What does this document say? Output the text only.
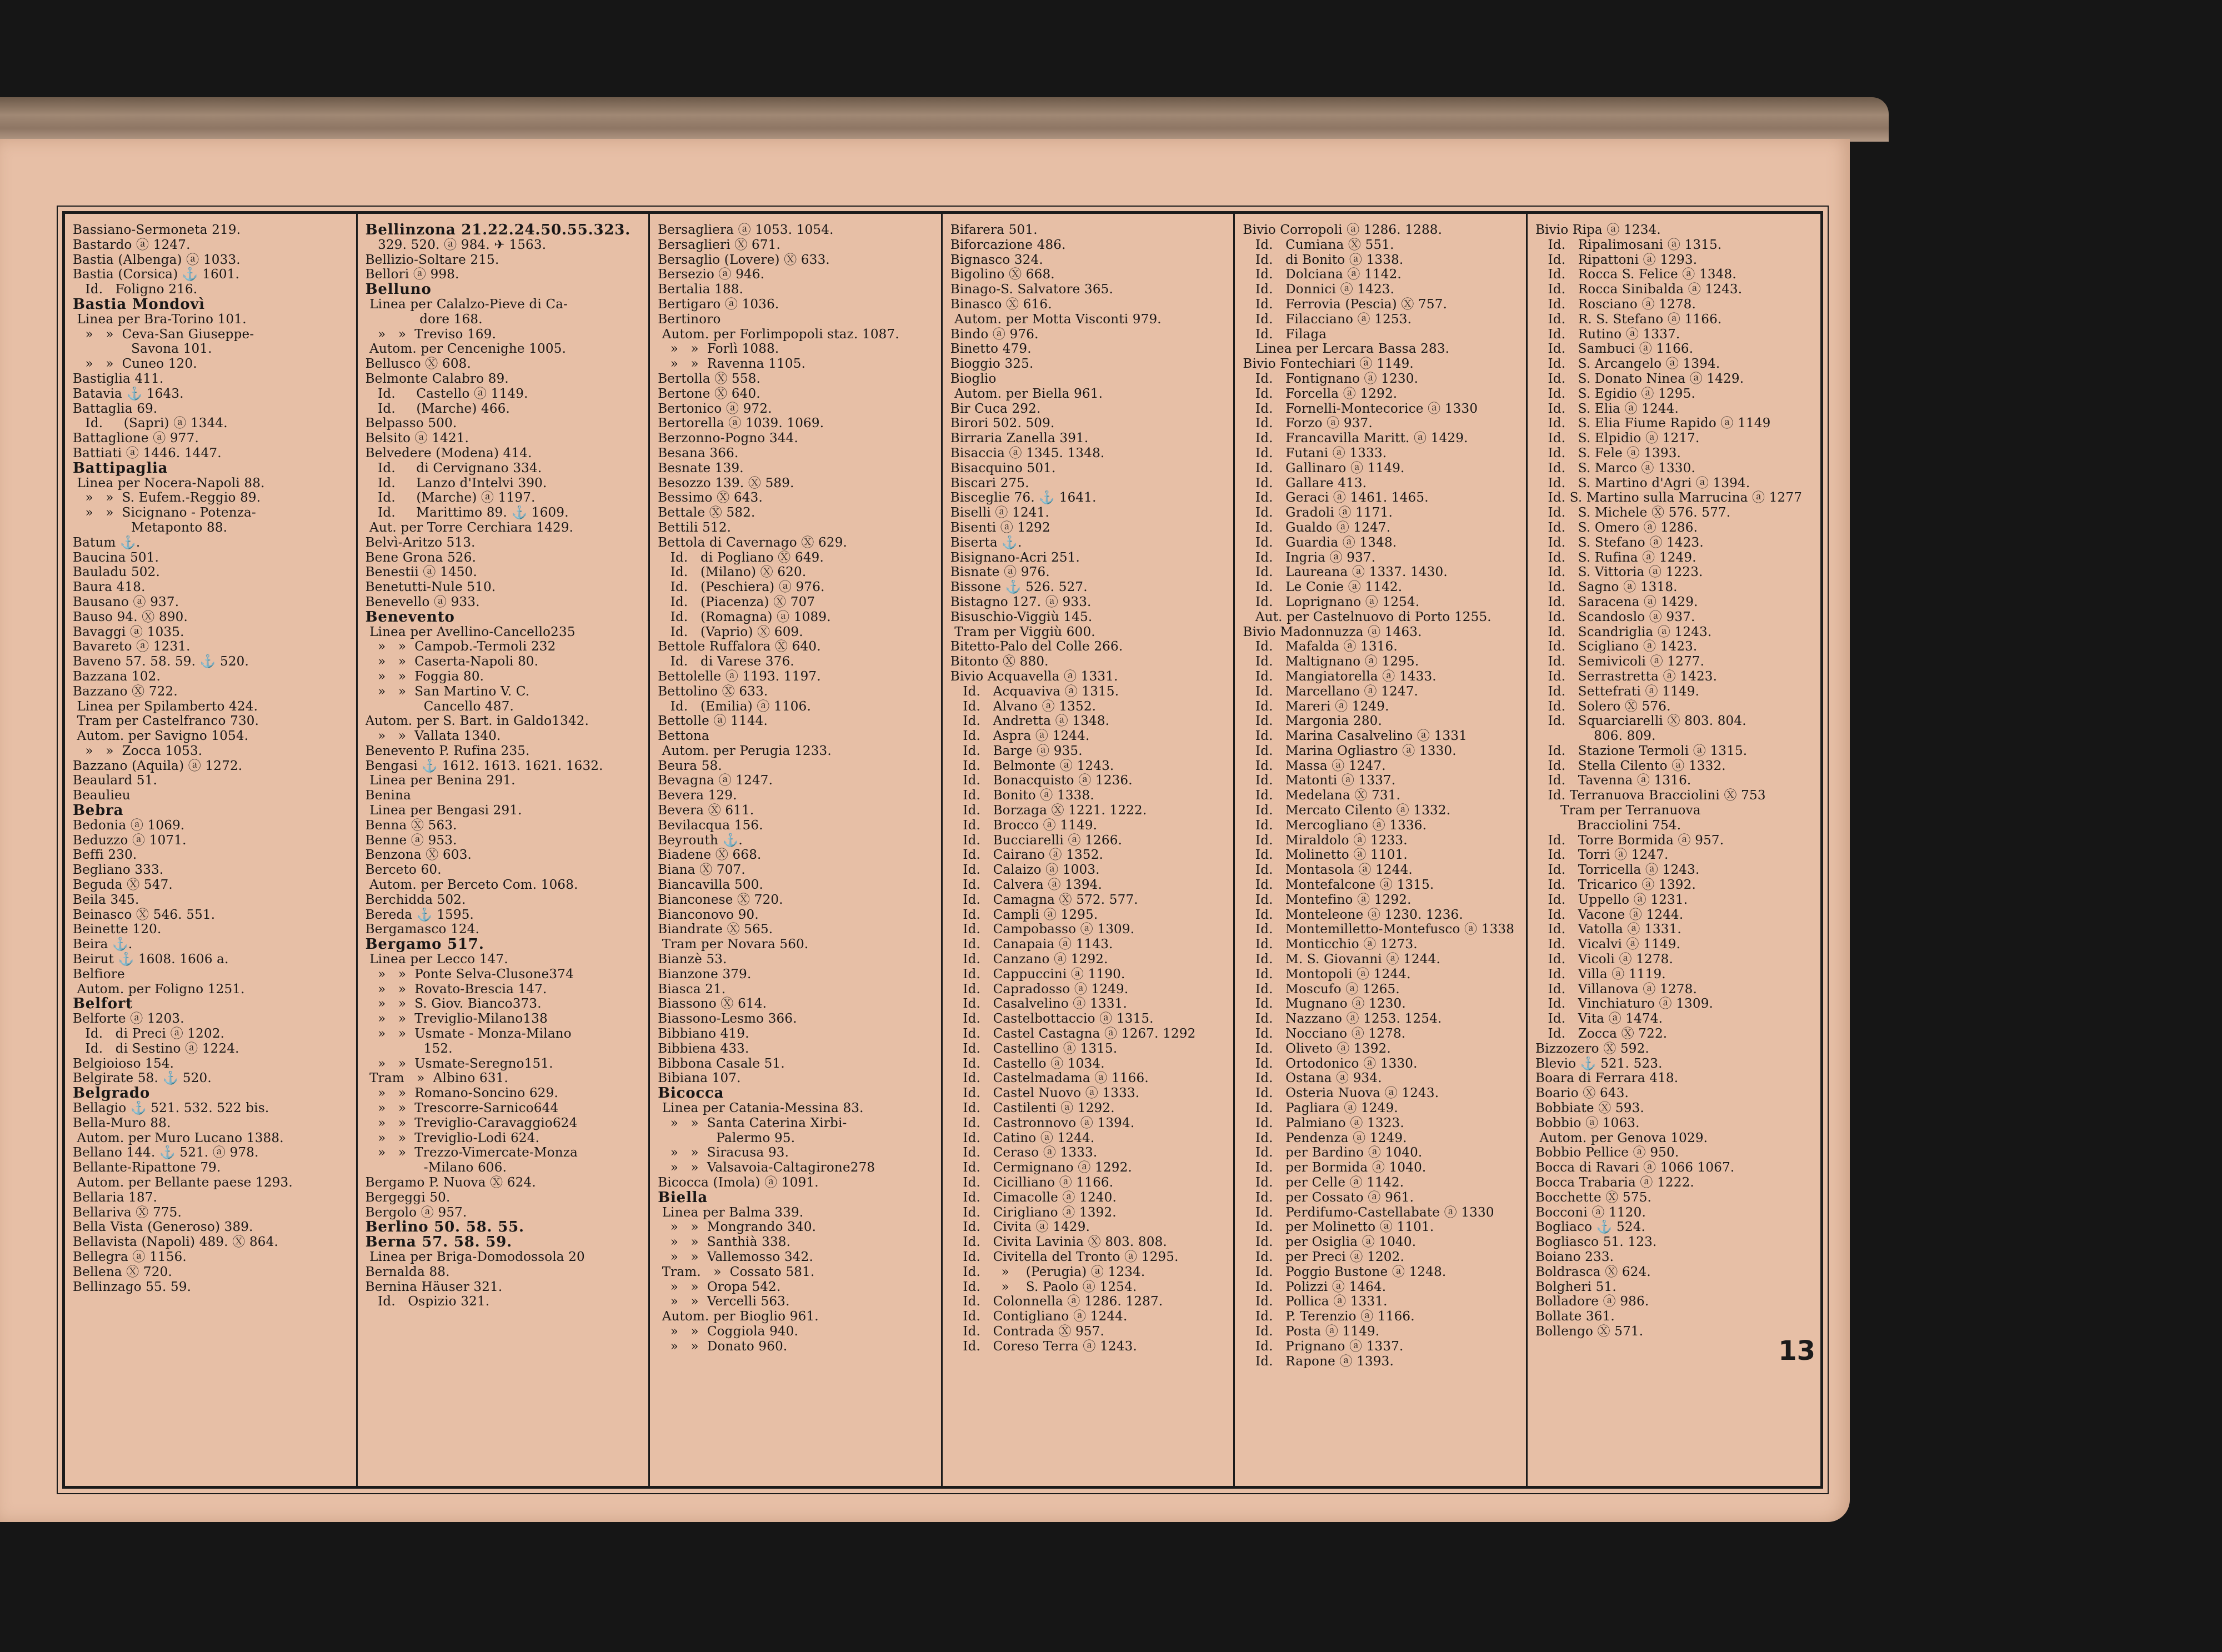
Bassiano-Sermoneta 219.
Bastardo ⓐ 1247.
Bastia (Albenga) ⓐ 1033.
Bastia (Corsica) ⚓ 1601.
Id.   Foligno 216.
Bastia Mondovì
Linea per Bra-Torino 101.
»   »  Ceva-San Giuseppe-
Savona 101.
»   »  Cuneo 120.
Bastiglia 411.
Batavia ⚓ 1643.
Battaglia 69.
Id.     (Sapri) ⓐ 1344.
Battaglione ⓐ 977.
Battiati ⓐ 1446. 1447.
Battipaglia
Linea per Nocera-Napoli 88.
»   »  S. Eufem.-Reggio 89.
»   »  Sicignano - Potenza-
Metaponto 88.
Batum ⚓.
Baucina 501.
Bauladu 502.
Baura 418.
Bausano ⓐ 937.
Bauso 94. Ⓧ 890.
Bavaggi ⓐ 1035.
Bavareto ⓐ 1231.
Baveno 57. 58. 59. ⚓ 520.
Bazzana 102.
Bazzano Ⓧ 722.
Linea per Spilamberto 424.
Tram per Castelfranco 730.
Autom. per Savigno 1054.
»   »  Zocca 1053.
Bazzano (Aquila) ⓐ 1272.
Beaulard 51.
Beaulieu
Bebra
Bedonia ⓐ 1069.
Beduzzo ⓐ 1071.
Beffi 230.
Begliano 333.
Beguda Ⓧ 547.
Beila 345.
Beinasco Ⓧ 546. 551.
Beinette 120.
Beira ⚓.
Beirut ⚓ 1608. 1606 a.
Belfiore
Autom. per Foligno 1251.
Belfort
Belforte ⓐ 1203.
Id.   di Preci ⓐ 1202.
Id.   di Sestino ⓐ 1224.
Belgioioso 154.
Belgirate 58. ⚓ 520.
Belgrado
Bellagio ⚓ 521. 532. 522 bis.
Bella-Muro 88.
Autom. per Muro Lucano 1388.
Bellano 144. ⚓ 521. ⓐ 978.
Bellante-Ripattone 79.
Autom. per Bellante paese 1293.
Bellaria 187.
Bellariva Ⓧ 775.
Bella Vista (Generoso) 389.
Bellavista (Napoli) 489. Ⓧ 864.
Bellegra ⓐ 1156.
Bellena Ⓧ 720.
Bellinzago 55. 59.
Bellinzona 21.22.24.50.55.323.
329. 520. ⓐ 984. ✈ 1563.
Bellizio-Soltare 215.
Bellori ⓐ 998.
Belluno
Linea per Calalzo-Pieve di Ca-
dore 168.
»   »  Treviso 169.
Autom. per Cencenighe 1005.
Bellusco Ⓧ 608.
Belmonte Calabro 89.
Id.     Castello ⓐ 1149.
Id.     (Marche) 466.
Belpasso 500.
Belsito ⓐ 1421.
Belvedere (Modena) 414.
Id.     di Cervignano 334.
Id.     Lanzo d'Intelvi 390.
Id.     (Marche) ⓐ 1197.
Id.     Marittimo 89. ⚓ 1609.
Aut. per Torre Cerchiara 1429.
Belvì-Aritzo 513.
Bene Grona 526.
Benestii ⓐ 1450.
Benetutti-Nule 510.
Benevello ⓐ 933.
Benevento
Linea per Avellino-Cancello235
»   »  Campob.-Termoli 232
»   »  Caserta-Napoli 80.
»   »  Foggia 80.
»   »  San Martino V. C.
Cancello 487.
Autom. per S. Bart. in Galdo1342.
»   »  Vallata 1340.
Benevento P. Rufina 235.
Bengasi ⚓ 1612. 1613. 1621. 1632.
Linea per Benina 291.
Benina
Linea per Bengasi 291.
Benna Ⓧ 563.
Benne ⓐ 953.
Benzona Ⓧ 603.
Berceto 60.
Autom. per Berceto Com. 1068.
Berchidda 502.
Bereda ⚓ 1595.
Bergamasco 124.
Bergamo 517.
Linea per Lecco 147.
»   »  Ponte Selva-Clusone374
»   »  Rovato-Brescia 147.
»   »  S. Giov. Bianco373.
»   »  Treviglio-Milano138
»   »  Usmate - Monza-Milano
152.
»   »  Usmate-Seregno151.
Tram   »  Albino 631.
»   »  Romano-Soncino 629.
»   »  Trescorre-Sarnico644
»   »  Treviglio-Caravaggio624
»   »  Treviglio-Lodi 624.
»   »  Trezzo-Vimercate-Monza
-Milano 606.
Bergamo P. Nuova Ⓧ 624.
Bergeggi 50.
Bergolo ⓐ 957.
Berlino 50. 58. 55.
Berna 57. 58. 59.
Linea per Briga-Domodossola 20
Bernalda 88.
Bernina Häuser 321.
Id.   Ospizio 321.
Bersagliera ⓐ 1053. 1054.
Bersaglieri Ⓧ 671.
Bersaglio (Lovere) Ⓧ 633.
Bersezio ⓐ 946.
Bertalia 188.
Bertigaro ⓐ 1036.
Bertinoro
Autom. per Forlimpopoli staz. 1087.
»   »  Forlì 1088.
»   »  Ravenna 1105.
Bertolla Ⓧ 558.
Bertone Ⓧ 640.
Bertonico ⓐ 972.
Bertorella ⓐ 1039. 1069.
Berzonno-Pogno 344.
Besana 366.
Besnate 139.
Besozzo 139. Ⓧ 589.
Bessimo Ⓧ 643.
Bettale Ⓧ 582.
Bettili 512.
Bettola di Cavernago Ⓧ 629.
Id.   di Pogliano Ⓧ 649.
Id.   (Milano) Ⓧ 620.
Id.   (Peschiera) ⓐ 976.
Id.   (Piacenza) Ⓧ 707
Id.   (Romagna) ⓐ 1089.
Id.   (Vaprio) Ⓧ 609.
Bettole Ruffalora Ⓧ 640.
Id.   di Varese 376.
Bettolelle ⓐ 1193. 1197.
Bettolino Ⓧ 633.
Id.   (Emilia) ⓐ 1106.
Bettolle ⓐ 1144.
Bettona
Autom. per Perugia 1233.
Beura 58.
Bevagna ⓐ 1247.
Bevera 129.
Bevera Ⓧ 611.
Bevilacqua 156.
Beyrouth ⚓.
Biadene Ⓧ 668.
Biana Ⓧ 707.
Biancavilla 500.
Bianconese Ⓧ 720.
Bianconovo 90.
Biandrate Ⓧ 565.
Tram per Novara 560.
Bianzè 53.
Bianzone 379.
Biasca 21.
Biassono Ⓧ 614.
Biassono-Lesmo 366.
Bibbiano 419.
Bibbiena 433.
Bibbona Casale 51.
Bibiana 107.
Bicocca
Linea per Catania-Messina 83.
»   »  Santa Caterina Xirbi-
Palermo 95.
»   »  Siracusa 93.
»   »  Valsavoia-Caltagirone278
Bicocca (Imola) ⓐ 1091.
Biella
Linea per Balma 339.
»   »  Mongrando 340.
»   »  Santhià 338.
»   »  Vallemosso 342.
Tram.   »  Cossato 581.
»   »  Oropa 542.
»   »  Vercelli 563.
Autom. per Bioglio 961.
»   »  Coggiola 940.
»   »  Donato 960.
Bifarera 501.
Biforcazione 486.
Bignasco 324.
Bigolino Ⓧ 668.
Binago-S. Salvatore 365.
Binasco Ⓧ 616.
Autom. per Motta Visconti 979.
Bindo ⓐ 976.
Binetto 479.
Bioggio 325.
Bioglio
Autom. per Biella 961.
Bir Cuca 292.
Birori 502. 509.
Birraria Zanella 391.
Bisaccia ⓐ 1345. 1348.
Bisacquino 501.
Biscari 275.
Bisceglie 76. ⚓ 1641.
Biselli ⓐ 1241.
Bisenti ⓐ 1292
Biserta ⚓.
Bisignano-Acri 251.
Bisnate ⓐ 976.
Bissone ⚓ 526. 527.
Bistagno 127. ⓐ 933.
Bisuschio-Viggiù 145.
Tram per Viggiù 600.
Bitetto-Palo del Colle 266.
Bitonto Ⓧ 880.
Bivio Acquavella ⓐ 1331.
Id.   Acquaviva ⓐ 1315.
Id.   Alvano ⓐ 1352.
Id.   Andretta ⓐ 1348.
Id.   Aspra ⓐ 1244.
Id.   Barge ⓐ 935.
Id.   Belmonte ⓐ 1243.
Id.   Bonacquisto ⓐ 1236.
Id.   Bonito ⓐ 1338.
Id.   Borzaga Ⓧ 1221. 1222.
Id.   Brocco ⓐ 1149.
Id.   Bucciarelli ⓐ 1266.
Id.   Cairano ⓐ 1352.
Id.   Calaizo ⓐ 1003.
Id.   Calvera ⓐ 1394.
Id.   Camagna Ⓧ 572. 577.
Id.   Campli ⓐ 1295.
Id.   Campobasso ⓐ 1309.
Id.   Canapaia ⓐ 1143.
Id.   Canzano ⓐ 1292.
Id.   Cappuccini ⓐ 1190.
Id.   Capradosso ⓐ 1249.
Id.   Casalvelino ⓐ 1331.
Id.   Castelbottaccio ⓐ 1315.
Id.   Castel Castagna ⓐ 1267. 1292
Id.   Castellino ⓐ 1315.
Id.   Castello ⓐ 1034.
Id.   Castelmadama ⓐ 1166.
Id.   Castel Nuovo ⓐ 1333.
Id.   Castilenti ⓐ 1292.
Id.   Castronnovo ⓐ 1394.
Id.   Catino ⓐ 1244.
Id.   Ceraso ⓐ 1333.
Id.   Cermignano ⓐ 1292.
Id.   Cicilliano ⓐ 1166.
Id.   Cimacolle ⓐ 1240.
Id.   Cirigliano ⓐ 1392.
Id.   Civita ⓐ 1429.
Id.   Civita Lavinia Ⓧ 803. 808.
Id.   Civitella del Tronto ⓐ 1295.
Id.     »    (Perugia) ⓐ 1234.
Id.     »    S. Paolo ⓐ 1254.
Id.   Colonnella ⓐ 1286. 1287.
Id.   Contigliano ⓐ 1244.
Id.   Contrada Ⓧ 957.
Id.   Coreso Terra ⓐ 1243.
Bivio Corropoli ⓐ 1286. 1288.
Id.   Cumiana Ⓧ 551.
Id.   di Bonito ⓐ 1338.
Id.   Dolciana ⓐ 1142.
Id.   Donnici ⓐ 1423.
Id.   Ferrovia (Pescia) Ⓧ 757.
Id.   Filacciano ⓐ 1253.
Id.   Filaga
Linea per Lercara Bassa 283.
Bivio Fontechiari ⓐ 1149.
Id.   Fontignano ⓐ 1230.
Id.   Forcella ⓐ 1292.
Id.   Fornelli-Montecorice ⓐ 1330
Id.   Forzo ⓐ 937.
Id.   Francavilla Maritt. ⓐ 1429.
Id.   Futani ⓐ 1333.
Id.   Gallinaro ⓐ 1149.
Id.   Gallare 413.
Id.   Geraci ⓐ 1461. 1465.
Id.   Gradoli ⓐ 1171.
Id.   Gualdo ⓐ 1247.
Id.   Guardia ⓐ 1348.
Id.   Ingria ⓐ 937.
Id.   Laureana ⓐ 1337. 1430.
Id.   Le Conie ⓐ 1142.
Id.   Loprignano ⓐ 1254.
Aut. per Castelnuovo di Porto 1255.
Bivio Madonnuzza ⓐ 1463.
Id.   Mafalda ⓐ 1316.
Id.   Maltignano ⓐ 1295.
Id.   Mangiatorella ⓐ 1433.
Id.   Marcellano ⓐ 1247.
Id.   Mareri ⓐ 1249.
Id.   Margonia 280.
Id.   Marina Casalvelino ⓐ 1331
Id.   Marina Ogliastro ⓐ 1330.
Id.   Massa ⓐ 1247.
Id.   Matonti ⓐ 1337.
Id.   Medelana Ⓧ 731.
Id.   Mercato Cilento ⓐ 1332.
Id.   Mercogliano ⓐ 1336.
Id.   Miraldolo ⓐ 1233.
Id.   Molinetto ⓐ 1101.
Id.   Montasola ⓐ 1244.
Id.   Montefalcone ⓐ 1315.
Id.   Montefino ⓐ 1292.
Id.   Monteleone ⓐ 1230. 1236.
Id.   Montemilletto-Montefusco ⓐ 1338
Id.   Monticchio ⓐ 1273.
Id.   M. S. Giovanni ⓐ 1244.
Id.   Montopoli ⓐ 1244.
Id.   Moscufo ⓐ 1265.
Id.   Mugnano ⓐ 1230.
Id.   Nazzano ⓐ 1253. 1254.
Id.   Nocciano ⓐ 1278.
Id.   Oliveto ⓐ 1392.
Id.   Ortodonico ⓐ 1330.
Id.   Ostana ⓐ 934.
Id.   Osteria Nuova ⓐ 1243.
Id.   Pagliara ⓐ 1249.
Id.   Palmiano ⓐ 1323.
Id.   Pendenza ⓐ 1249.
Id.   per Bardino ⓐ 1040.
Id.   per Bormida ⓐ 1040.
Id.   per Celle ⓐ 1142.
Id.   per Cossato ⓐ 961.
Id.   Perdifumo-Castellabate ⓐ 1330
Id.   per Molinetto ⓐ 1101.
Id.   per Osiglia ⓐ 1040.
Id.   per Preci ⓐ 1202.
Id.   Poggio Bustone ⓐ 1248.
Id.   Polizzi ⓐ 1464.
Id.   Pollica ⓐ 1331.
Id.   P. Terenzio ⓐ 1166.
Id.   Posta ⓐ 1149.
Id.   Prignano ⓐ 1337.
Id.   Rapone ⓐ 1393.
Bivio Ripa ⓐ 1234.
Id.   Ripalimosani ⓐ 1315.
Id.   Ripattoni ⓐ 1293.
Id.   Rocca S. Felice ⓐ 1348.
Id.   Rocca Sinibalda ⓐ 1243.
Id.   Rosciano ⓐ 1278.
Id.   R. S. Stefano ⓐ 1166.
Id.   Rutino ⓐ 1337.
Id.   Sambuci ⓐ 1166.
Id.   S. Arcangelo ⓐ 1394.
Id.   S. Donato Ninea ⓐ 1429.
Id.   S. Egidio ⓐ 1295.
Id.   S. Elia ⓐ 1244.
Id.   S. Elia Fiume Rapido ⓐ 1149
Id.   S. Elpidio ⓐ 1217.
Id.   S. Fele ⓐ 1393.
Id.   S. Marco ⓐ 1330.
Id.   S. Martino d'Agri ⓐ 1394.
Id. S. Martino sulla Marrucina ⓐ 1277
Id.   S. Michele Ⓧ 576. 577.
Id.   S. Omero ⓐ 1286.
Id.   S. Stefano ⓐ 1423.
Id.   S. Rufina ⓐ 1249.
Id.   S. Vittoria ⓐ 1223.
Id.   Sagno ⓐ 1318.
Id.   Saracena ⓐ 1429.
Id.   Scandoslo ⓐ 937.
Id.   Scandriglia ⓐ 1243.
Id.   Scigliano ⓐ 1423.
Id.   Semivicoli ⓐ 1277.
Id.   Serrastretta ⓐ 1423.
Id.   Settefrati ⓐ 1149.
Id.   Solero Ⓧ 576.
Id.   Squarciarelli Ⓧ 803. 804.
806. 809.
Id.   Stazione Termoli ⓐ 1315.
Id.   Stella Cilento ⓐ 1332.
Id.   Tavenna ⓐ 1316.
Id. Terranuova Bracciolini Ⓧ 753
Tram per Terranuova
Bracciolini 754.
Id.   Torre Bormida ⓐ 957.
Id.   Torri ⓐ 1247.
Id.   Torricella ⓐ 1243.
Id.   Tricarico ⓐ 1392.
Id.   Uppello ⓐ 1231.
Id.   Vacone ⓐ 1244.
Id.   Vatolla ⓐ 1331.
Id.   Vicalvi ⓐ 1149.
Id.   Vicoli ⓐ 1278.
Id.   Villa ⓐ 1119.
Id.   Villanova ⓐ 1278.
Id.   Vinchiaturo ⓐ 1309.
Id.   Vita ⓐ 1474.
Id.   Zocca Ⓧ 722.
Bizzozero Ⓧ 592.
Blevio ⚓ 521. 523.
Boara di Ferrara 418.
Boario Ⓧ 643.
Bobbiate Ⓧ 593.
Bobbio ⓐ 1063.
Autom. per Genova 1029.
Bobbio Pellice ⓐ 950.
Bocca di Ravari ⓐ 1066 1067.
Bocca Trabaria ⓐ 1222.
Bocchette Ⓧ 575.
Bocconi ⓐ 1120.
Bogliaco ⚓ 524.
Bogliasco 51. 123.
Boiano 233.
Boldrasca Ⓧ 624.
Bolgheri 51.
Bolladore ⓐ 986.
Bollate 361.
Bollengo Ⓧ 571.
13
